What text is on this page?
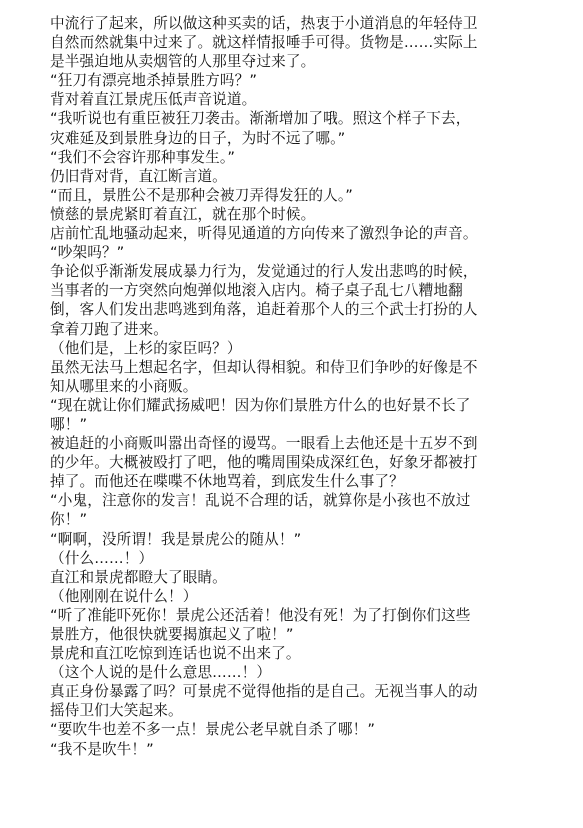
中流行了起来，所以做这种买卖的话，热衷于小道消息的年轻侍卫
自然而然就集中过来了。就这样情报唾手可得。货物是……实际上
是半强迫地从卖烟管的人那里夺过来了。
“狂刀有漂亮地杀掉景胜方吗？”
背对着直江景虎压低声音说道。
“我听说也有重臣被狂刀袭击。渐渐增加了哦。照这个样子下去，
灾难延及到景胜身边的日子，为时不远了哪。”
“我们不会容许那种事发生。”
仍旧背对背，直江断言道。
“而且，景胜公不是那种会被刀弄得发狂的人。”
愤慈的景虎紧盯着直江，就在那个时候。
店前忙乱地骚动起来，听得见通道的方向传来了激烈争论的声音。
“吵架吗？”
争论似乎渐渐发展成暴力行为，发觉通过的行人发出悲鸣的时候，
当事者的一方突然向炮弹似地滚入店内。椅子桌子乱七八糟地翻
倒，客人们发出悲鸣逃到角落，追赶着那个人的三个武士打扮的人
拿着刀跑了进来。
（他们是，上杉的家臣吗？）
虽然无法马上想起名字，但却认得相貌。和侍卫们争吵的好像是不
知从哪里来的小商贩。
“现在就让你们耀武扬威吧！因为你们景胜方什么的也好景不长了
哪！”
被追赶的小商贩叫嚣出奇怪的谩骂。一眼看上去他还是十五岁不到
的少年。大概被殴打了吧，他的嘴周围染成深红色，好象牙都被打
掉了。而他还在喋喋不休地骂着，到底发生什么事了？
“小鬼，注意你的发言！乱说不合理的话，就算你是小孩也不放过
你！”
“啊啊，没所谓！我是景虎公的随从！”
（什么……！）
直江和景虎都瞪大了眼睛。
（他刚刚在说什么！）
“听了准能吓死你！景虎公还活着！他没有死！为了打倒你们这些
景胜方，他很快就要揭旗起义了啦！”
景虎和直江吃惊到连话也说不出来了。
（这个人说的是什么意思……！）
真正身份暴露了吗？可景虎不觉得他指的是自己。无视当事人的动
摇侍卫们大笑起来。
“要吹牛也差不多一点！景虎公老早就自杀了哪！”
“我不是吹牛！”
